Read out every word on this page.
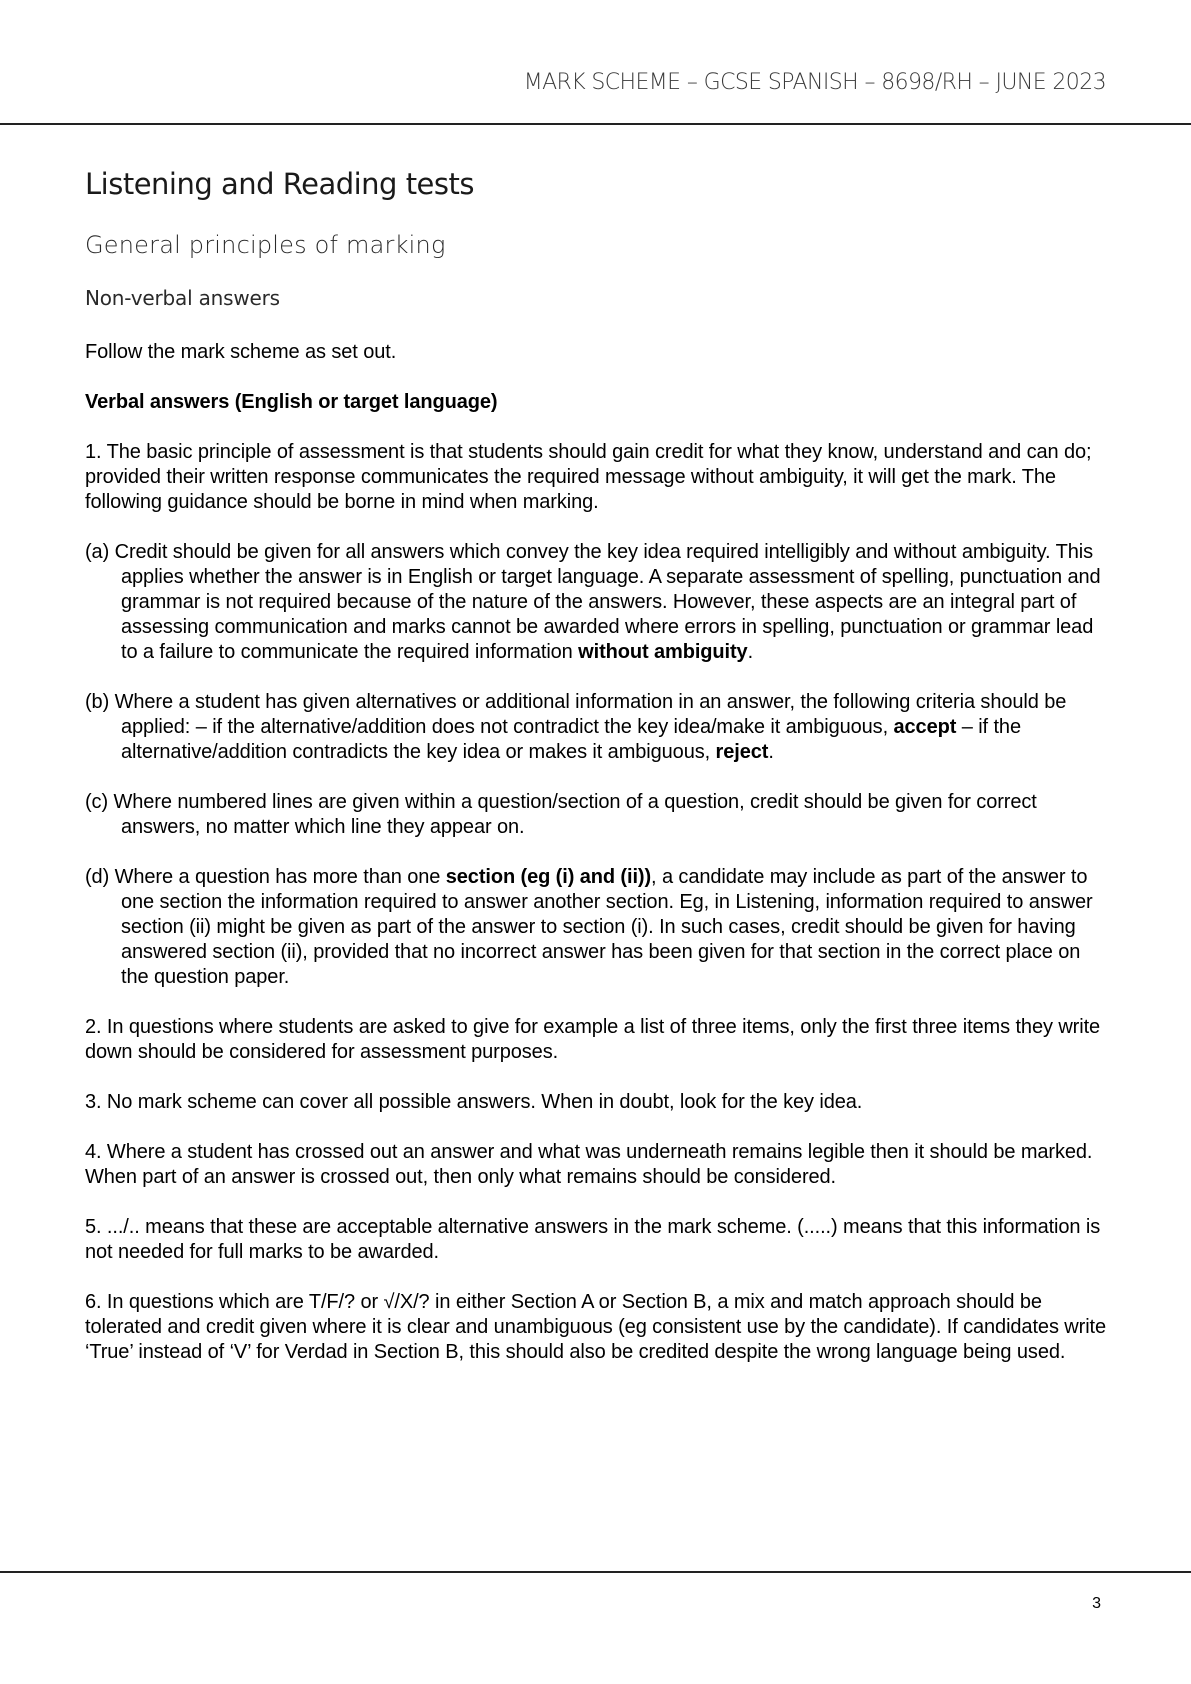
MARK SCHEME – GCSE SPANISH – 8698/RH – JUNE 2023
Listening and Reading tests
General principles of marking
Non-verbal answers
Follow the mark scheme as set out.
Verbal answers (English or target language)
1. The basic principle of assessment is that students should gain credit for what they know, understand and can do; provided their written response communicates the required message without ambiguity, it will get the mark. The following guidance should be borne in mind when marking.
(a) Credit should be given for all answers which convey the key idea required intelligibly and without ambiguity. This applies whether the answer is in English or target language. A separate assessment of spelling, punctuation and grammar is not required because of the nature of the answers. However, these aspects are an integral part of assessing communication and marks cannot be awarded where errors in spelling, punctuation or grammar lead to a failure to communicate the required information without ambiguity.
(b) Where a student has given alternatives or additional information in an answer, the following criteria should be applied: – if the alternative/addition does not contradict the key idea/make it ambiguous, accept – if the alternative/addition contradicts the key idea or makes it ambiguous, reject.
(c) Where numbered lines are given within a question/section of a question, credit should be given for correct answers, no matter which line they appear on.
(d) Where a question has more than one section (eg (i) and (ii)), a candidate may include as part of the answer to one section the information required to answer another section. Eg, in Listening, information required to answer section (ii) might be given as part of the answer to section (i). In such cases, credit should be given for having answered section (ii), provided that no incorrect answer has been given for that section in the correct place on the question paper.
2. In questions where students are asked to give for example a list of three items, only the first three items they write down should be considered for assessment purposes.
3. No mark scheme can cover all possible answers. When in doubt, look for the key idea.
4. Where a student has crossed out an answer and what was underneath remains legible then it should be marked. When part of an answer is crossed out, then only what remains should be considered.
5. .../.. means that these are acceptable alternative answers in the mark scheme. (.....) means that this information is not needed for full marks to be awarded.
6. In questions which are T/F/? or √/X/? in either Section A or Section B, a mix and match approach should be tolerated and credit given where it is clear and unambiguous (eg consistent use by the candidate). If candidates write ‘True’ instead of ‘V’ for Verdad in Section B, this should also be credited despite the wrong language being used.
3
